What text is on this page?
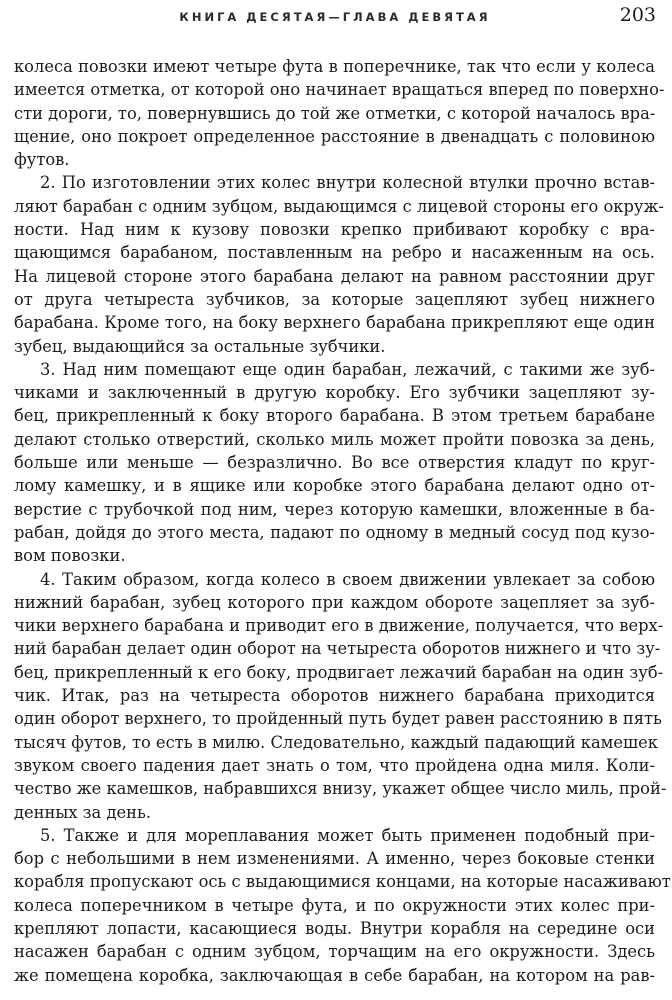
КНИГА ДЕСЯТАЯ—ГЛАВА ДЕВЯТАЯ	203
колеса повозки имеют четыре фута в поперечнике, так что если у колеса
имеется отметка, от которой оно начинает вращаться вперед по поверхно-
сти дороги, то, повернувшись до той же отметки, с которой началось вра-
щение, оно покроет определенное расстояние в двенадцать с половиною
футов.
2. По изготовлении этих колес внутри колесной втулки прочно встав-
ляют барабан с одним зубцом, выдающимся с лицевой стороны его окруж-
ности. Над ним к кузову повозки крепко прибивают коробку с вра-
щающимся барабаном, поставленным на ребро и насаженным на ось.
На лицевой стороне этого барабана делают на равном расстоянии друг
от друга четыреста зубчиков, за которые зацепляют зубец нижнего
барабана. Кроме того, на боку верхнего барабана прикрепляют еще один
зубец, выдающийся за остальные зубчики.
3. Над ним помещают еще один барабан, лежачий, с такими же зуб-
чиками и заключенный в другую коробку. Его зубчики зацепляют зу-
бец, прикрепленный к боку второго барабана. В этом третьем барабане
делают столько отверстий, сколько миль может пройти повозка за день,
больше или меньше — безразлично. Во все отверстия кладут по круг-
лому камешку, и в ящике или коробке этого барабана делают одно от-
верстие с трубочкой под ним, через которую камешки, вложенные в ба-
рабан, дойдя до этого места, падают по одному в медный сосуд под кузо-
вом повозки.
4. Таким образом, когда колесо в своем движении увлекает за собою
нижний барабан, зубец которого при каждом обороте зацепляет за зуб-
чики верхнего барабана и приводит его в движение, получается, что верх-
ний барабан делает один оборот на четыреста оборотов нижнего и что зу-
бец, прикрепленный к его боку, продвигает лежачий барабан на один зуб-
чик. Итак, раз на четыреста оборотов нижнего барабана приходится
один оборот верхнего, то пройденный путь будет равен расстоянию в пять
тысяч футов, то есть в милю. Следовательно, каждый падающий камешек
звуком своего падения дает знать о том, что пройдена одна миля. Коли-
чество же камешков, набравшихся внизу, укажет общее число миль, прой-
денных за день.
5. Также и для мореплавания может быть применен подобный при-
бор с небольшими в нем изменениями. А именно, через боковые стенки
корабля пропускают ось с выдающимися концами, на которые насаживают
колеса поперечником в четыре фута, и по окружности этих колес при-
крепляют лопасти, касающиеся воды. Внутри корабля на середине оси
насажен барабан с одним зубцом, торчащим на его окружности. Здесь
же помещена коробка, заключающая в себе барабан, на котором на рав-
